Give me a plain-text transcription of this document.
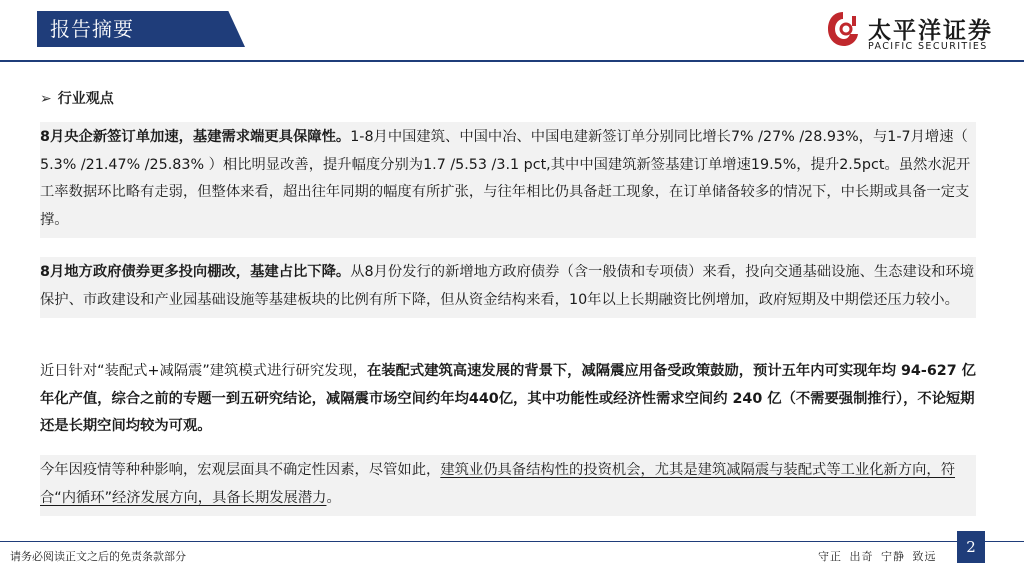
报告摘要	太平洋证券
PACIFIC SECURITIES
➢ 行业观点
8月央企新签订单加速，基建需求端更具保障性。1-8月中国建筑、中国中冶、中国电建新签订单分别同比增长7% /27% /28.93%，与1-7月增速（ 5.3% /21.47% /25.83% ）相比明显改善，提升幅度分别为1.7 /5.53 /3.1 pct,其中中国建筑新签基建订单增速19.5%，提升2.5pct。虽然水泥开工率数据环比略有走弱，但整体来看，超出往年同期的幅度有所扩张，与往年相比仍具备赶工现象，在订单储备较多的情况下，中长期或具备一定支撑。
8月地方政府债券更多投向棚改，基建占比下降。从8月份发行的新增地方政府债券（含一般债和专项债）来看，投向交通基础设施、生态建设和环境保护、市政建设和产业园基础设施等基建板块的比例有所下降，但从资金结构来看，10年以上长期融资比例增加，政府短期及中期偿还压力较小。
近日针对“装配式+减隔震”建筑模式进行研究发现，在装配式建筑高速发展的背景下，减隔震应用备受政策鼓励，预计五年内可实现年均 94-627 亿年化产值，综合之前的专题一到五研究结论，减隔震市场空间约年均440亿，其中功能性或经济性需求空间约 240 亿（不需要强制推行），不论短期还是长期空间均较为可观。
今年因疫情等种种影响，宏观层面具不确定性因素，尽管如此，建筑业仍具备结构性的投资机会，尤其是建筑减隔震与装配式等工业化新方向，符合“内循环”经济发展方向，具备长期发展潜力。
请务必阅读正文之后的免责条款部分	守正 出奇 宁静 致远
2
